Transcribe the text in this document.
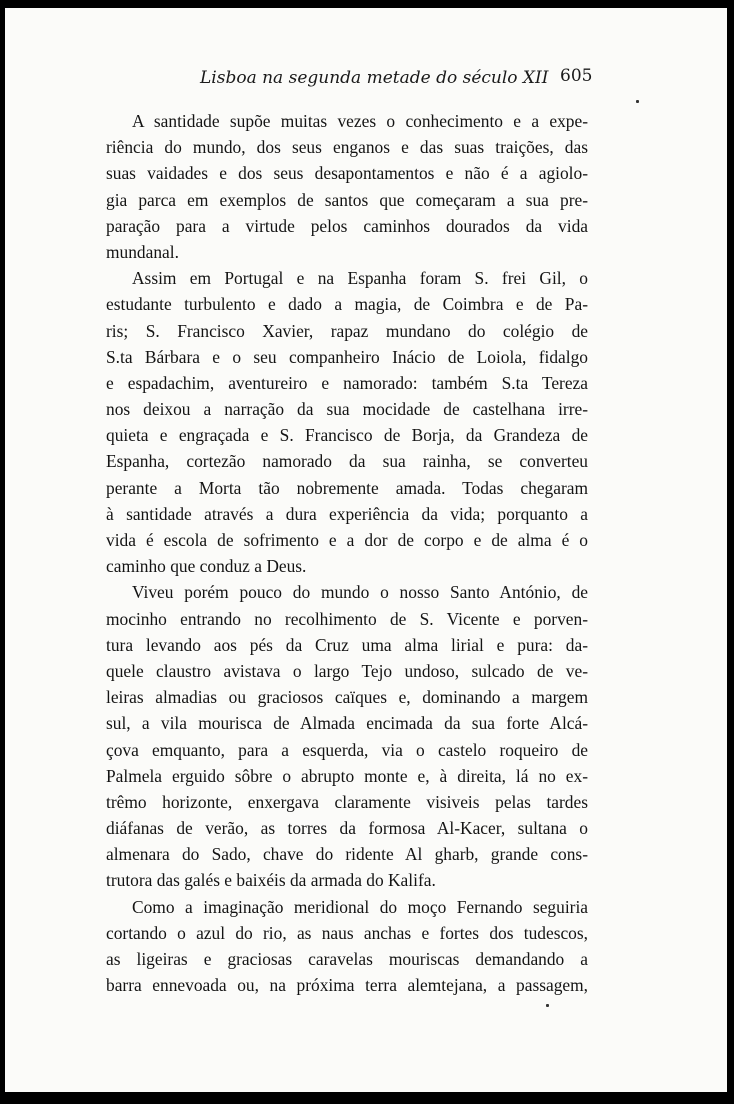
Lisboa na segunda metade do século XII 605
A santidade supõe muitas vezes o conhecimento e a expe-
riência do mundo, dos seus enganos e das suas traições, das
suas vaidades e dos seus desapontamentos e não é a agiolo-
gia parca em exemplos de santos que começaram a sua pre-
paração para a virtude pelos caminhos dourados da vida
mundanal.
Assim em Portugal e na Espanha foram S. frei Gil, o
estudante turbulento e dado a magia, de Coimbra e de Pa-
ris; S. Francisco Xavier, rapaz mundano do colégio de
S.ta Bárbara e o seu companheiro Inácio de Loiola, fidalgo
e espadachim, aventureiro e namorado: também S.ta Tereza
nos deixou a narração da sua mocidade de castelhana irre-
quieta e engraçada e S. Francisco de Borja, da Grandeza de
Espanha, cortezão namorado da sua rainha, se converteu
perante a Morta tão nobremente amada. Todas chegaram
à santidade através a dura experiência da vida; porquanto a
vida é escola de sofrimento e a dor de corpo e de alma é o
caminho que conduz a Deus.
Viveu porém pouco do mundo o nosso Santo António, de
mocinho entrando no recolhimento de S. Vicente e porven-
tura levando aos pés da Cruz uma alma lirial e pura: da-
quele claustro avistava o largo Tejo undoso, sulcado de ve-
leiras almadias ou graciosos caïques e, dominando a margem
sul, a vila mourisca de Almada encimada da sua forte Alcá-
çova emquanto, para a esquerda, via o castelo roqueiro de
Palmela erguido sôbre o abrupto monte e, à direita, lá no ex-
trêmo horizonte, enxergava claramente visiveis pelas tardes
diáfanas de verão, as torres da formosa Al-Kacer, sultana o
almenara do Sado, chave do ridente Al gharb, grande cons-
trutora das galés e baixéis da armada do Kalifa.
Como a imaginação meridional do moço Fernando seguiria
cortando o azul do rio, as naus anchas e fortes dos tudescos,
as ligeiras e graciosas caravelas mouriscas demandando a
barra ennevoada ou, na próxima terra alemtejana, a passagem,
